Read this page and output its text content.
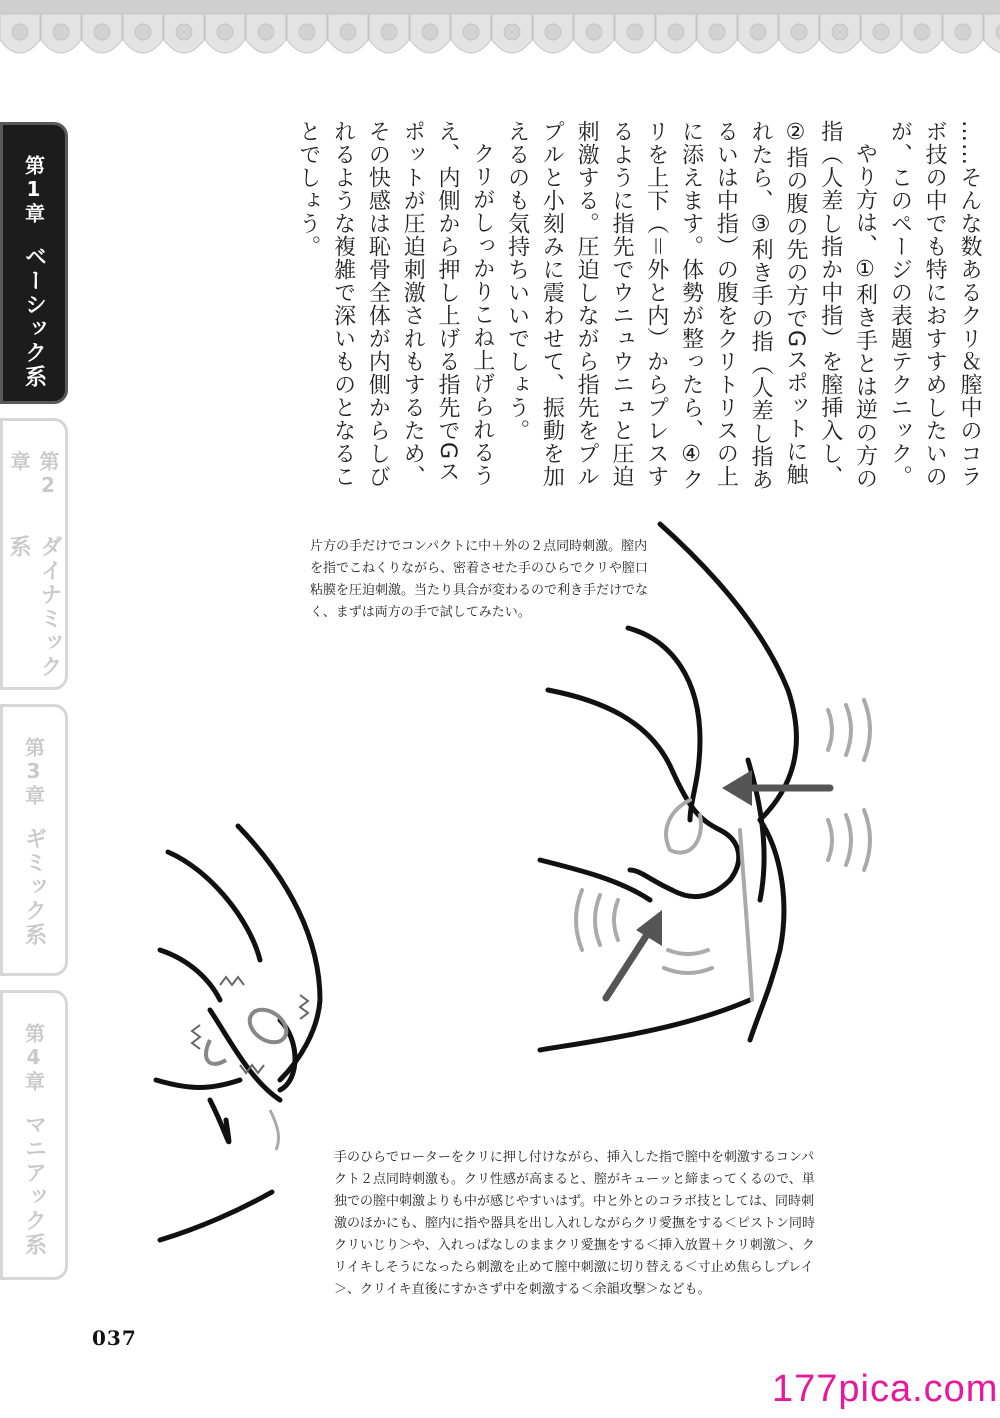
第1章
ベーシック系
第2章
ダイナミック系
第3章
ギミック系
第4章
マニアック系

……そんな数あるクリ＆膣中のコラボ技の中でも特におすすめしたいのが、このページの表題テクニック。

やり方は、①利き手とは逆の方の指（人差し指か中指）を膣挿入し、②指の腹の先の方でGスポットに触れたら、③利き手の指（人差し指あるいは中指）の腹をクリトリスの上に添えます。体勢が整ったら、④クリを上下（＝外と内）からプレスするように指先でウニュウニュと圧迫刺激する。圧迫しながら指先をプルプルと小刻みに震わせて、振動を加えるのも気持ちいいでしょう。

クリがしっかりこね上げられるうえ、内側から押し上げる指先でGスポットが圧迫刺激されもするため、その快感は恥骨全体が内側からしびれるような複雑で深いものとなることでしょう。

片方の手だけでコンパクトに中＋外の２点同時刺激。膣内を指でこねくりながら、密着させた手のひらでクリや膣口粘膜を圧迫刺激。当たり具合が変わるので利き手だけでなく、まずは両方の手で試してみたい。
手のひらでローターをクリに押し付けながら、挿入した指で膣中を刺激するコンパクト２点同時刺激も。クリ性感が高まると、膣がキューッと締まってくるので、単独での膣中刺激よりも中が感じやすいはず。中と外とのコラボ技としては、同時刺激のほかにも、膣内に指や器具を出し入れしながらクリ愛撫をする＜ピストン同時クリいじり＞や、入れっぱなしのままクリ愛撫をする＜挿入放置＋クリ刺激＞、クリイキしそうになったら刺激を止めて膣中刺激に切り替える＜寸止め焦らしプレイ＞、クリイキ直後にすかさず中を刺激する＜余韻攻撃＞なども。
037
177pica.com
